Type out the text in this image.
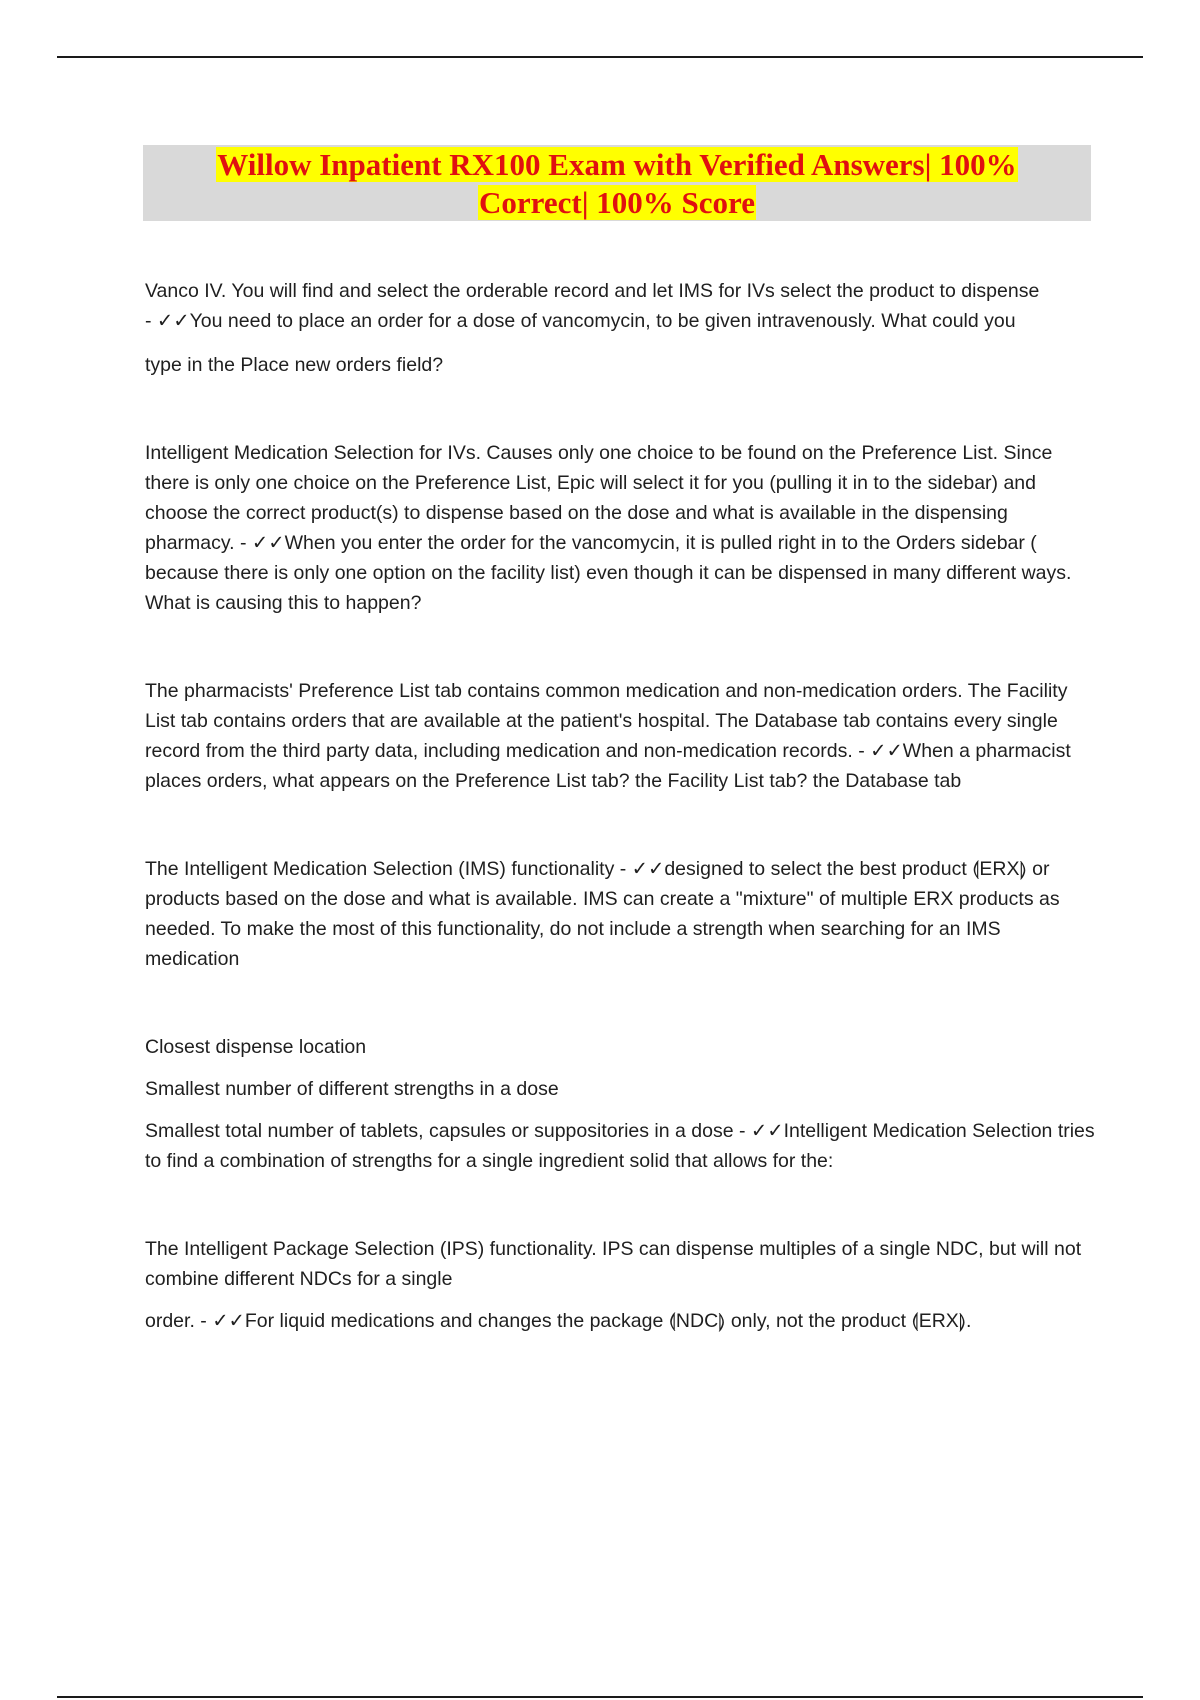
Willow Inpatient RX100 Exam with Verified Answers| 100%
Correct| 100% Score

Vanco IV. You will find and select the orderable record and let IMS for IVs select the product to dispense

- ✓✓You need to place an order for a dose of vancomycin, to be given intravenously. What could you

type in the Place new orders field?

Intelligent Medication Selection for IVs. Causes only one choice to be found on the Preference List. Since there is only one choice on the Preference List, Epic will select it for you (pulling it in to the sidebar) and choose the correct product(s) to dispense based on the dose and what is available in the dispensing pharmacy. - ✓✓When you enter the order for the vancomycin, it is pulled right in to the Orders sidebar ( because there is only one option on the facility list) even though it can be dispensed in many different ways. What is causing this to happen?

The pharmacists' Preference List tab contains common medication and non-medication orders. The Facility List tab contains orders that are available at the patient's hospital. The Database tab contains every single record from the third party data, including medication and non-medication records. - ✓✓When a pharmacist places orders, what appears on the Preference List tab? the Facility List tab? the Database tab

The Intelligent Medication Selection (IMS) functionality - ✓✓designed to select the best product ⟬ERX⟭ or products based on the dose and what is available. IMS can create a "mixture" of multiple ERX products as needed. To make the most of this functionality, do not include a strength when searching for an IMS medication

Closest dispense location

Smallest number of different strengths in a dose

Smallest total number of tablets, capsules or suppositories in a dose - ✓✓Intelligent Medication Selection tries to find a combination of strengths for a single ingredient solid that allows for the:

The Intelligent Package Selection (IPS) functionality. IPS can dispense multiples of a single NDC, but will not combine different NDCs for a single

order. - ✓✓For liquid medications and changes the package ⟬NDC⟭ only, not the product ⟬ERX⟭.
